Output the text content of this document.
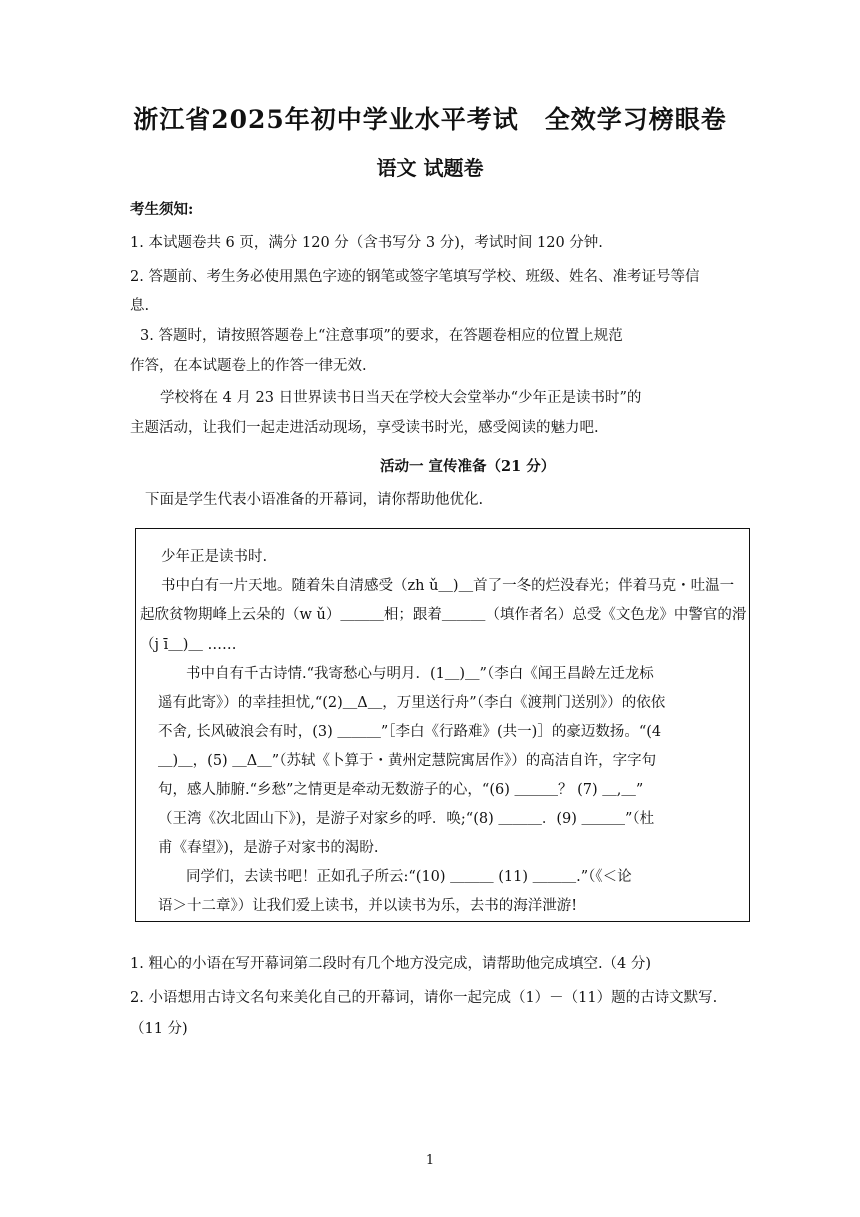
浙江省2025年初中学业水平考试　全效学习榜眼卷
语文 试题卷
考生须知:
1. 本试题卷共 6 页，满分 120 分（含书写分 3 分)，考试时间 120 分钟.
2. 答题前、考生务必使用黑色字迹的钢笔或签字笔填写学校、班级、姓名、准考证号等信
息.
3. 答题时，请按照答题卷上“注意事项”的要求，在答题卷相应的位置上规范
作答，在本试题卷上的作答一律无效.
学校将在 4 月 23 日世界读书日当天在学校大会堂举办“少年正是读书时”的
主题活动，让我们一起走进活动现场，享受读书时光，感受阅读的魅力吧.
活动一 宣传准备（21 分）
下面是学生代表小语准备的开幕词，请你帮助他优化.
少年正是读书时.
书中白有一片天地。随着朱自清感受（zh ǔ＿)＿首了一冬的烂没春光；伴着马克・吐温一
起欣贫物期峰上云朵的（w ǔ）＿＿＿相；跟着＿＿＿（填作者名）总受《文色龙》中警官的滑
（j ī＿)＿ ……
书中自有千古诗情.“我寄愁心与明月．(1＿)＿”（李白《闻王昌龄左迁龙标
遥有此寄》）的幸挂担忧,“(2)＿Δ＿，万里送行舟”（李白《渡荆门送别》）的依依
不舍, 长风破浪会有时，(3) ＿＿＿”［李白《行路难》(共一)］的豪迈数扬。“(4
＿)＿，(5) ＿Δ＿”（苏轼《卜算于・黄州定慧院寓居作》）的高洁自许，字字句
句，感人肺腑.“乡愁”之情更是牵动无数游子的心，“(6) ＿＿＿？ (7) ＿,＿”
（王湾《次北固山下》)，是游子对家乡的呼．唤;“(8) ＿＿＿．(9) ＿＿＿”（杜
甫《春望》)，是游子对家书的渴盼.
同学们，去读书吧！正如孔子所云:“(10) ＿＿＿ (11) ＿＿＿.”（《＜论
语＞十二章》）让我们爱上读书，并以读书为乐，去书的海洋泄游!
1. 粗心的小语在写开幕词第二段时有几个地方没完成，请帮助他完成填空.（4 分)
2. 小语想用古诗文名句来美化自己的开幕词，请你一起完成（1）－（11）题的古诗文默写.
（11 分)
1
